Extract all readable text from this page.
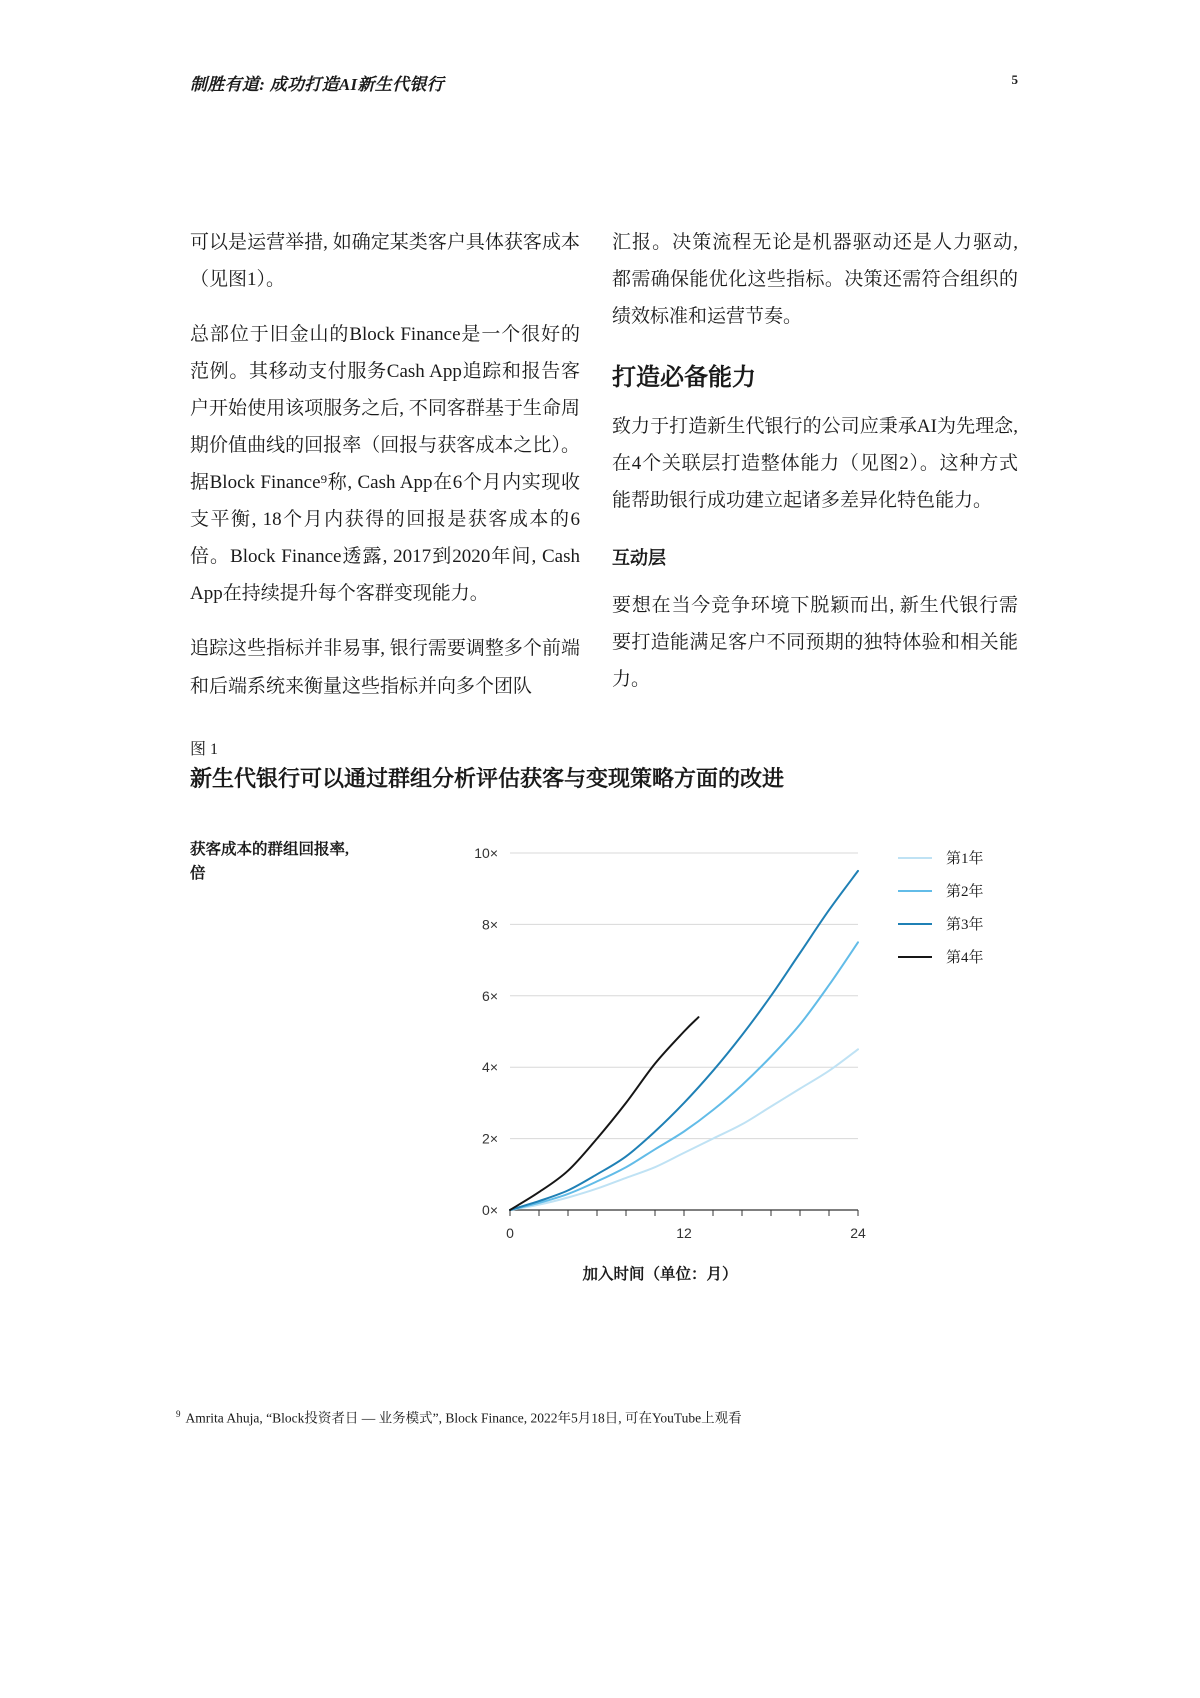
制胜有道: 成功打造AI新生代银行	5

可以是运营举措, 如确定某类客户具体获客成本（见图1）。

总部位于旧金山的Block Finance是一个很好的范例。其移动支付服务Cash App追踪和报告客户开始使用该项服务之后, 不同客群基于生命周期价值曲线的回报率（回报与获客成本之比）。据Block Finance⁹称, Cash App在6个月内实现收支平衡, 18个月内获得的回报是获客成本的6倍。Block Finance透露, 2017到2020年间, Cash App在持续提升每个客群变现能力。

追踪这些指标并非易事, 银行需要调整多个前端和后端系统来衡量这些指标并向多个团队

汇报。决策流程无论是机器驱动还是人力驱动, 都需确保能优化这些指标。决策还需符合组织的绩效标准和运营节奏。

打造必备能力

致力于打造新生代银行的公司应秉承AI为先理念, 在4个关联层打造整体能力（见图2）。这种方式能帮助银行成功建立起诸多差异化特色能力。

互动层

要想在当今竞争环境下脱颖而出, 新生代银行需要打造能满足客户不同预期的独特体验和相关能力。

图 1
新生代银行可以通过群组分析评估获客与变现策略方面的改进
获客成本的群组回报率,
倍
0×
2×
4×
6×
8×
10×
0	12	24
第1年
第2年
第3年
第4年
加入时间（单位：月）
$^9$ Amrita Ahuja, “Block投资者日 — 业务模式”, Block Finance, 2022年5月18日, 可在YouTube上观看
